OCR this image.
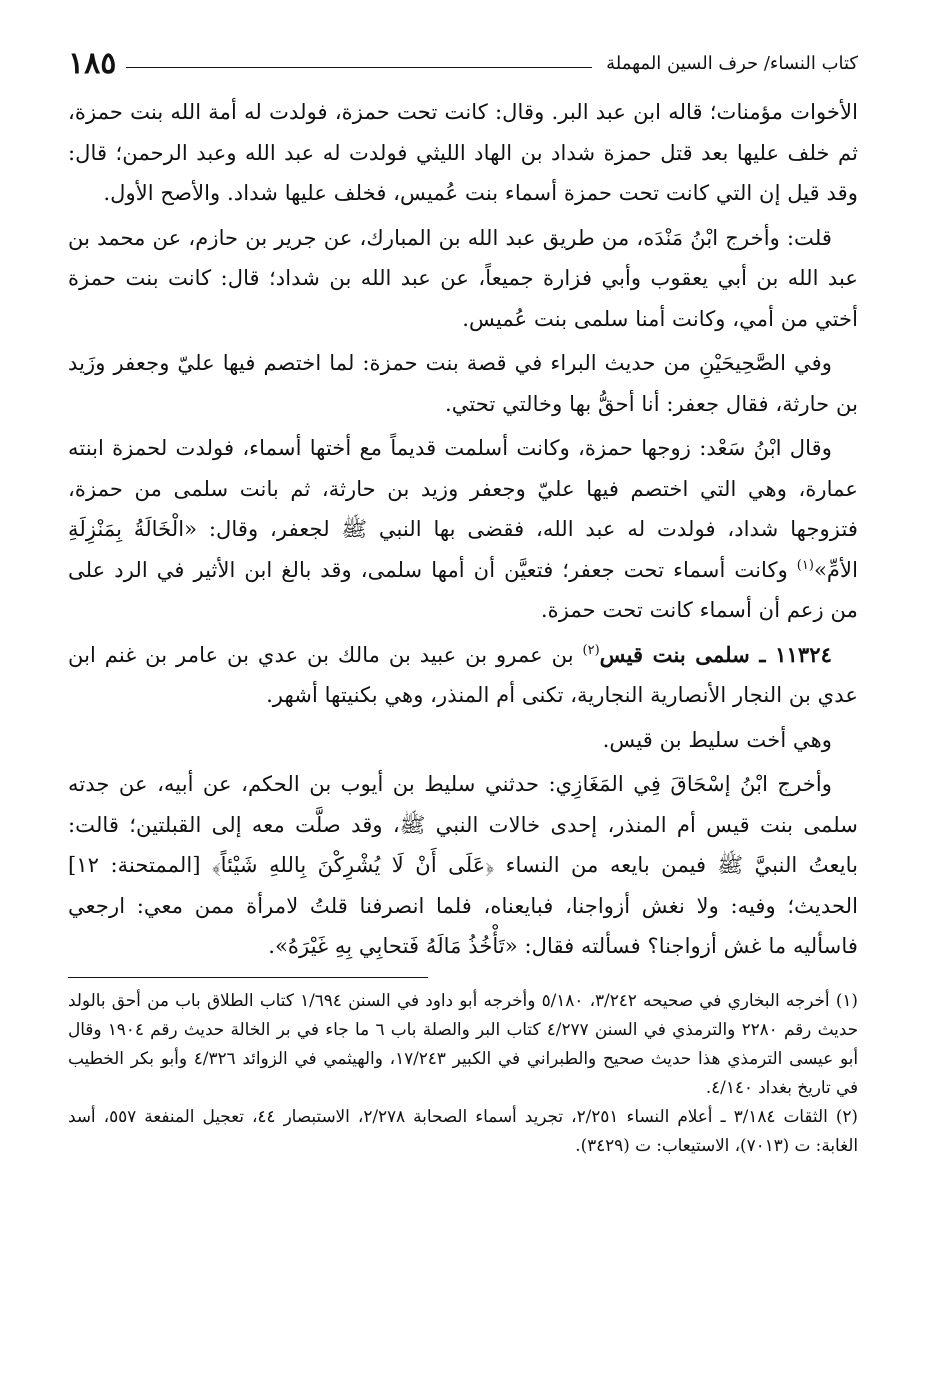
كتاب النساء/ حرف السين المهملة
١٨٥

الأخوات مؤمنات؛ قاله ابن عبد البر. وقال: كانت تحت حمزة، فولدت له أمة الله بنت حمزة، ثم خلف عليها بعد قتل حمزة شداد بن الهاد الليثي فولدت له عبد الله وعبد الرحمن؛ قال: وقد قيل إن التي كانت تحت حمزة أسماء بنت عُميس، فخلف عليها شداد. والأصح الأول.

قلت: وأخرج ابْنُ مَنْدَه، من طريق عبد الله بن المبارك، عن جرير بن حازم، عن محمد بن عبد الله بن أبي يعقوب وأبي فزارة جميعاً، عن عبد الله بن شداد؛ قال: كانت بنت حمزة أختي من أمي، وكانت أمنا سلمى بنت عُميس.

وفي الصَّحِيحَيْنِ من حديث البراء في قصة بنت حمزة: لما اختصم فيها عليّ وجعفر وزَيد بن حارثة، فقال جعفر: أنا أحقُّ بها وخالتي تحتي.

وقال ابْنُ سَعْد: زوجها حمزة، وكانت أسلمت قديماً مع أختها أسماء، فولدت لحمزة ابنته عمارة، وهي التي اختصم فيها عليّ وجعفر وزيد بن حارثة، ثم بانت سلمى من حمزة، فتزوجها شداد، فولدت له عبد الله، فقضى بها النبي ﷺ لجعفر، وقال: «الْخَالَةُ بِمَنْزِلَةِ الأمِّ»$^{(١)}$ وكانت أسماء تحت جعفر؛ فتعيَّن أن أمها سلمى، وقد بالغ ابن الأثير في الرد على من زعم أن أسماء كانت تحت حمزة.

١١٣٢٤ ـ سلمى بنت قيس$^{(٢)}$ بن عمرو بن عبيد بن مالك بن عدي بن عامر بن غنم ابن عدي بن النجار الأنصارية النجارية، تكنى أم المنذر، وهي بكنيتها أشهر.

وهي أخت سليط بن قيس.

وأخرج ابْنُ إسْحَاقَ فِي المَغَازِي: حدثني سليط بن أيوب بن الحكم، عن أبيه، عن جدته سلمى بنت قيس أم المنذر، إحدى خالات النبي ﷺ، وقد صلَّت معه إلى القبلتين؛ قالت: بايعتُ النبيَّ ﷺ فيمن بايعه من النساء ﴿عَلَى أَنْ لَا يُشْرِكْنَ بِاللهِ شَيْئاً﴾ [الممتحنة: ١٢] الحديث؛ وفيه: ولا نغش أزواجنا، فبايعناه، فلما انصرفنا قلتُ لامرأة ممن معي: ارجعي فاسأليه ما غش أزواجنا؟ فسألته فقال: «تَأْخُذُ مَالَهُ فَتحابِي بِهِ غَيْرَهُ».

(١) أخرجه البخاري في صحيحه ٣/٢٤٢، ٥/١٨٠ وأخرجه أبو داود في السنن ١/٦٩٤ كتاب الطلاق باب من أحق بالولد حديث رقم ٢٢٨٠ والترمذي في السنن ٤/٢٧٧ كتاب البر والصلة باب ٦ ما جاء في بر الخالة حديث رقم ١٩٠٤ وقال أبو عيسى الترمذي هذا حديث صحيح والطبراني في الكبير ١٧/٢٤٣، والهيثمي في الزوائد ٤/٣٢٦ وأبو بكر الخطيب في تاريخ بغداد ٤/١٤٠.

(٢) الثقات ٣/١٨٤ ـ أعلام النساء ٢/٢٥١، تجريد أسماء الصحابة ٢/٢٧٨، الاستبصار ٤٤، تعجيل المنفعة ٥٥٧، أسد الغابة: ت (٧٠١٣)، الاستيعاب: ت (٣٤٢٩).
